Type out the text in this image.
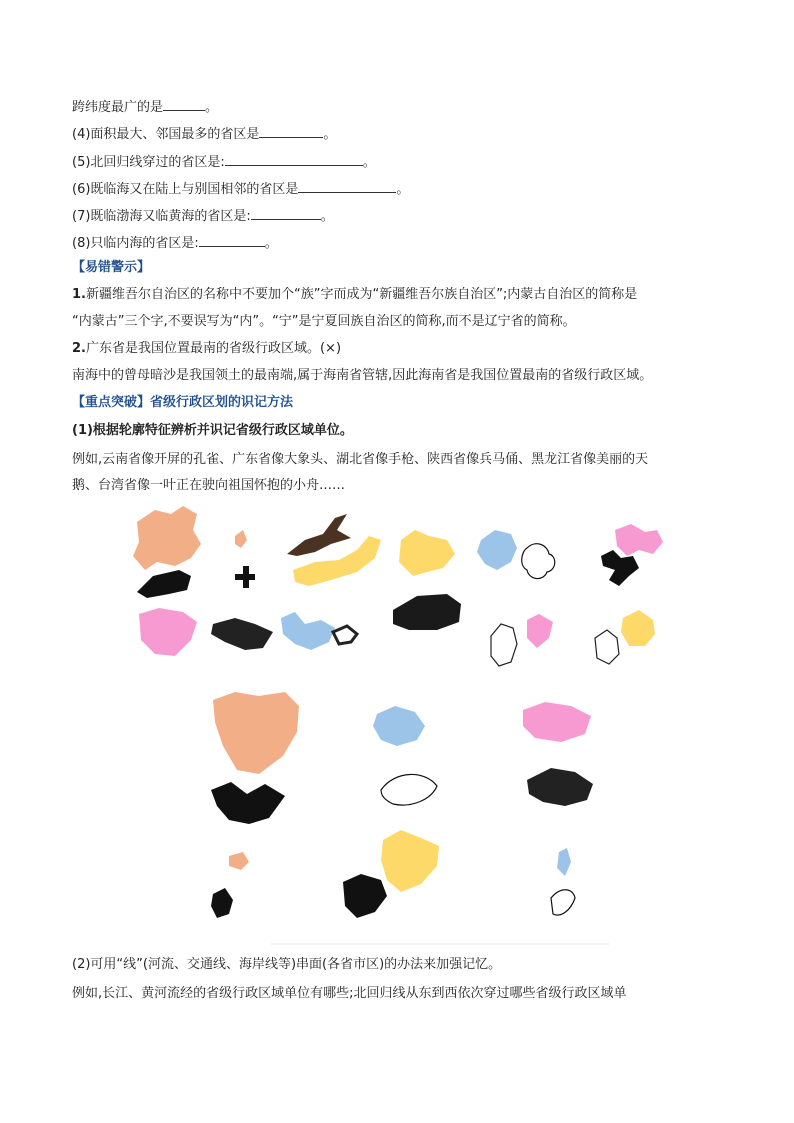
跨纬度最广的是	。
(4)面积最大、邻国最多的省区是	。
(5)北回归线穿过的省区是:	。
(6)既临海又在陆上与别国相邻的省区是	。
(7)既临渤海又临黄海的省区是:	。
(8)只临内海的省区是:	。
【易错警示】
1.新疆维吾尔自治区的名称中不要加个“族”字而成为“新疆维吾尔族自治区”;内蒙古自治区的简称是
“内蒙古”三个字,不要误写为“内”。“宁”是宁夏回族自治区的简称,而不是辽宁省的简称。
2.广东省是我国位置最南的省级行政区域。(×)
南海中的曾母暗沙是我国领土的最南端,属于海南省管辖,因此海南省是我国位置最南的省级行政区域。
【重点突破】省级行政区划的识记方法
(1)根据轮廓特征辨析并识记省级行政区域单位。
例如,云南省像开屏的孔雀、广东省像大象头、湖北省像手枪、陕西省像兵马俑、黑龙江省像美丽的天
鹅、台湾省像一叶正在驶向祖国怀抱的小舟……
(2)可用“线”(河流、交通线、海岸线等)串面(各省市区)的办法来加强记忆。
例如,长江、黄河流经的省级行政区域单位有哪些;北回归线从东到西依次穿过哪些省级行政区域单
